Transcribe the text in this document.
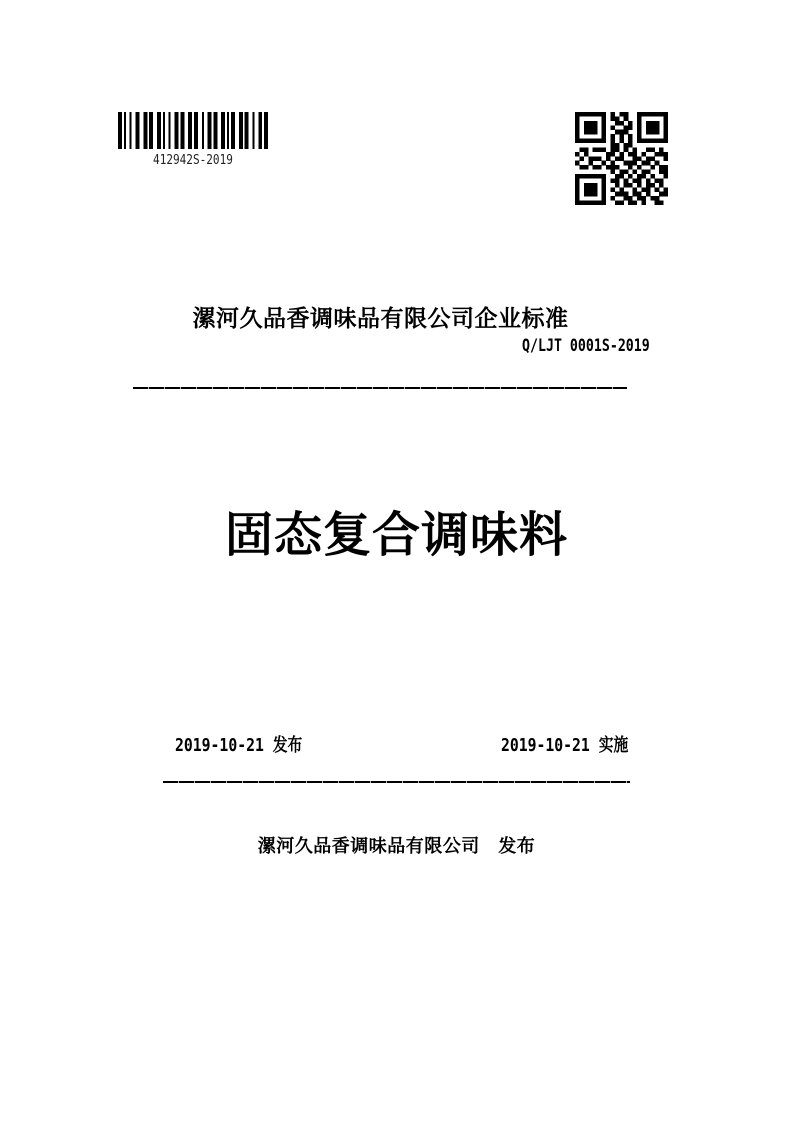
412942S-2019
漯河久品香调味品有限公司企业标准
Q/LJT 0001S-2019
固态复合调味料
2019-10-21 发布	2019-10-21 实施
漯河久品香调味品有限公司　发布
